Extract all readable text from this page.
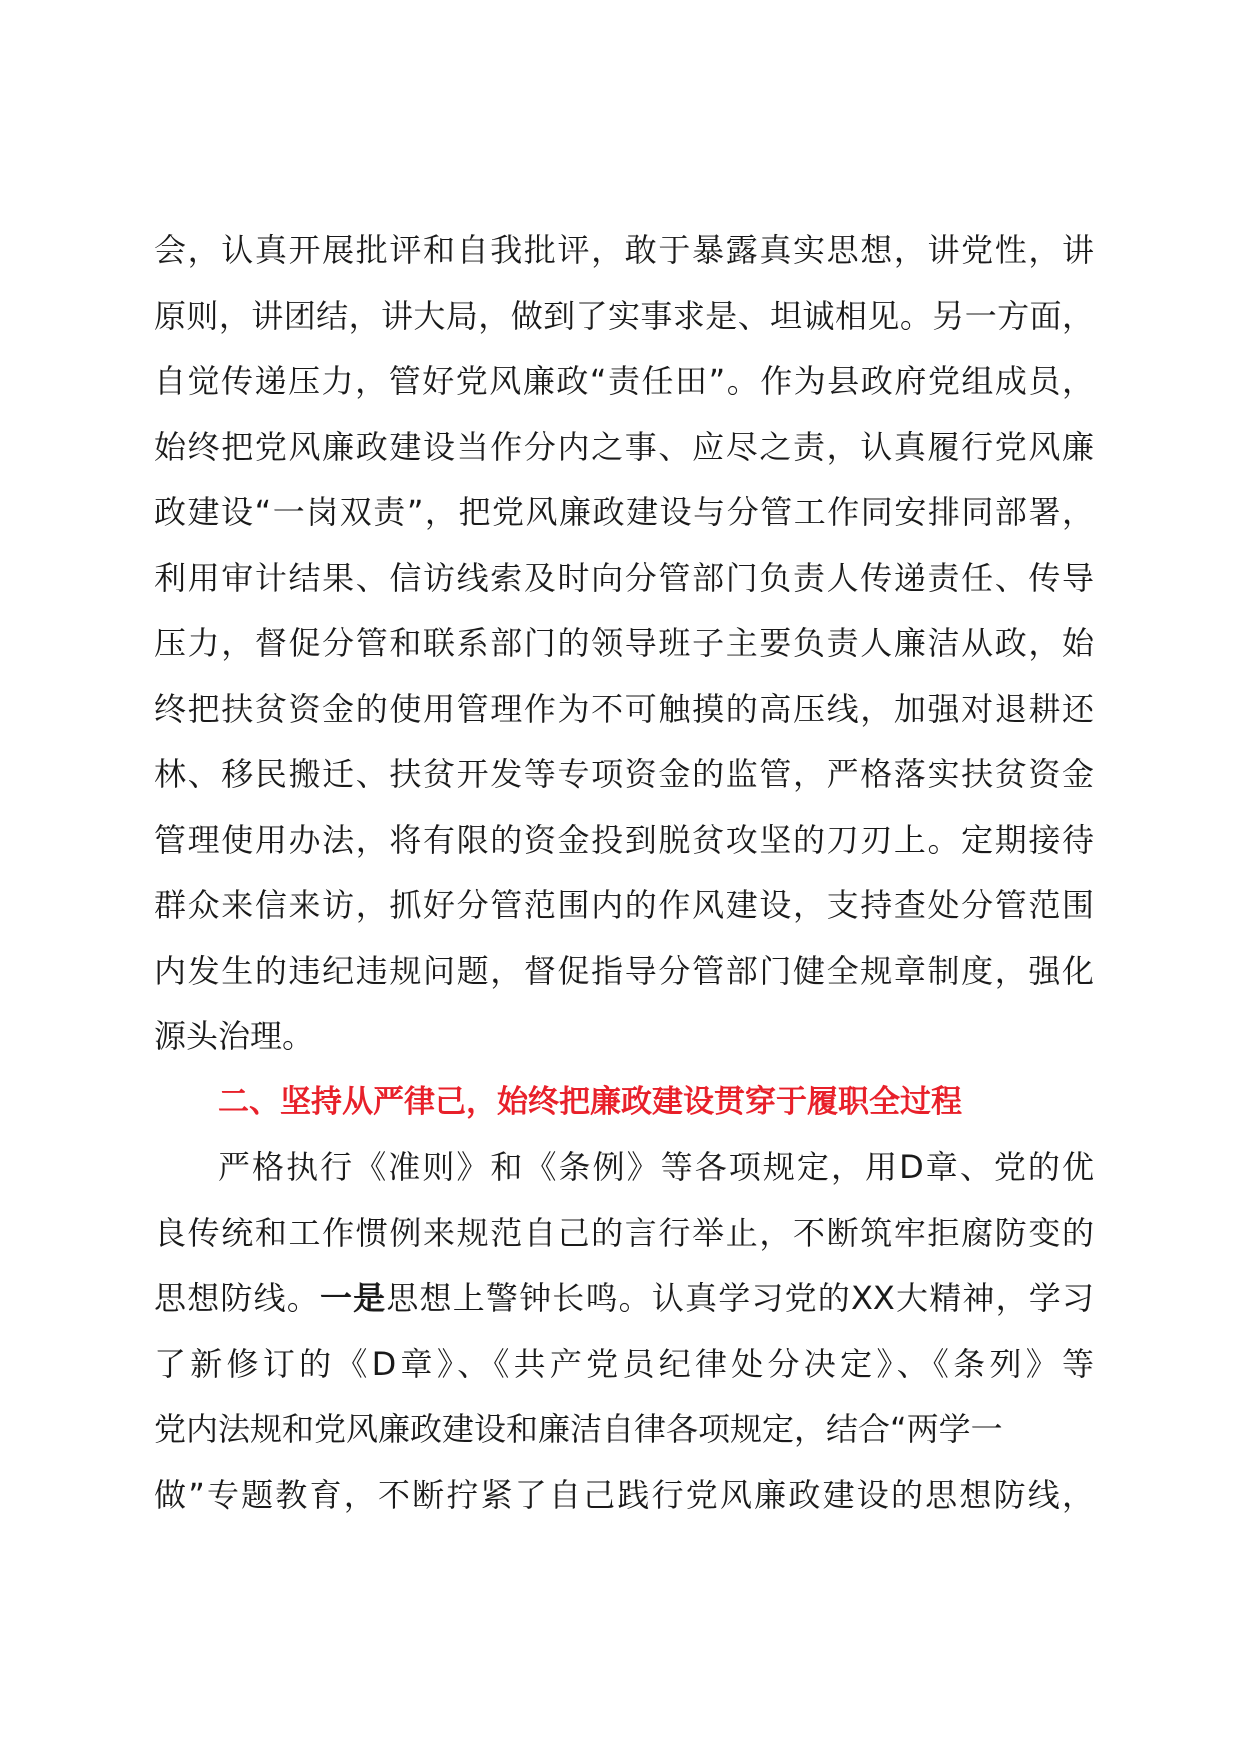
会，认真开展批评和自我批评，敢于暴露真实思想，讲党性，讲
原则，讲团结，讲大局，做到了实事求是、坦诚相见。另一方面，
自觉传递压力，管好党风廉政“责任田”。作为县政府党组成员，
始终把党风廉政建设当作分内之事、应尽之责，认真履行党风廉
政建设“一岗双责”，把党风廉政建设与分管工作同安排同部署，
利用审计结果、信访线索及时向分管部门负责人传递责任、传导
压力，督促分管和联系部门的领导班子主要负责人廉洁从政，始
终把扶贫资金的使用管理作为不可触摸的高压线，加强对退耕还
林、移民搬迁、扶贫开发等专项资金的监管，严格落实扶贫资金
管理使用办法，将有限的资金投到脱贫攻坚的刀刃上。定期接待
群众来信来访，抓好分管范围内的作风建设，支持查处分管范围
内发生的违纪违规问题，督促指导分管部门健全规章制度，强化
源头治理。
二、坚持从严律己，始终把廉政建设贯穿于履职全过程
严格执行《准则》和《条例》等各项规定，用D章、党的优
良传统和工作惯例来规范自己的言行举止，不断筑牢拒腐防变的
思想防线。一是思想上警钟长鸣。认真学习党的XX大精神，学习
了新修订的《D章》、《共产党员纪律处分决定》、《条列》等
党内法规和党风廉政建设和廉洁自律各项规定，结合“两学一
做”专题教育，不断拧紧了自己践行党风廉政建设的思想防线，
